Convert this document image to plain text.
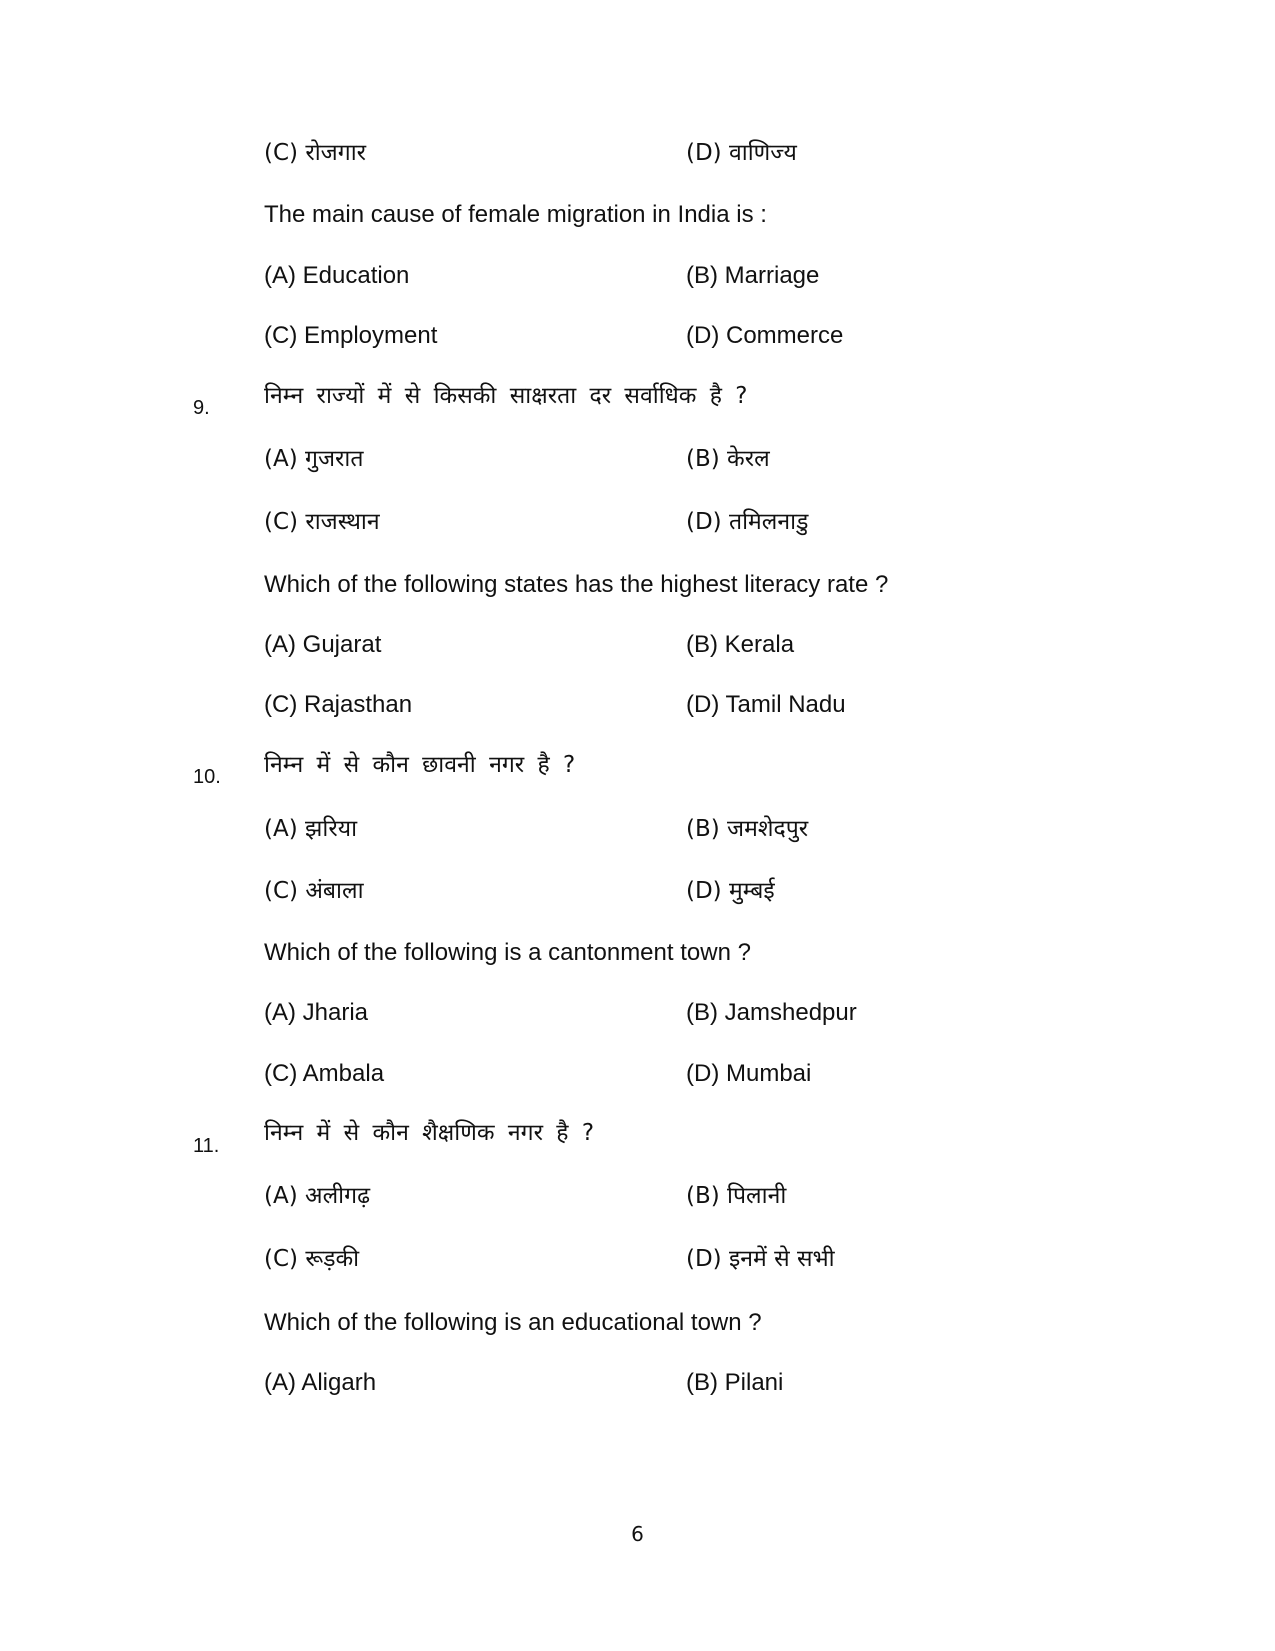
(C) रोजगार	(D) वाणिज्य
The main cause of female migration in India is :
(A) Education	(B) Marriage
(C) Employment	(D) Commerce
9. निम्न राज्यों में से किसकी साक्षरता दर सर्वाधिक है ?
(A) गुजरात	(B) केरल
(C) राजस्थान	(D) तमिलनाडु
Which of the following states has the highest literacy rate ?
(A) Gujarat	(B) Kerala
(C) Rajasthan	(D) Tamil Nadu
10. निम्न में से कौन छावनी नगर है ?
(A) झरिया	(B) जमशेदपुर
(C) अंबाला	(D) मुम्बई
Which of the following is a cantonment town ?
(A) Jharia	(B) Jamshedpur
(C) Ambala	(D) Mumbai
11. निम्न में से कौन शैक्षणिक नगर है ?
(A) अलीगढ़	(B) पिलानी
(C) रूड़की	(D) इनमें से सभी
Which of the following is an educational town ?
(A) Aligarh	(B) Pilani
6
